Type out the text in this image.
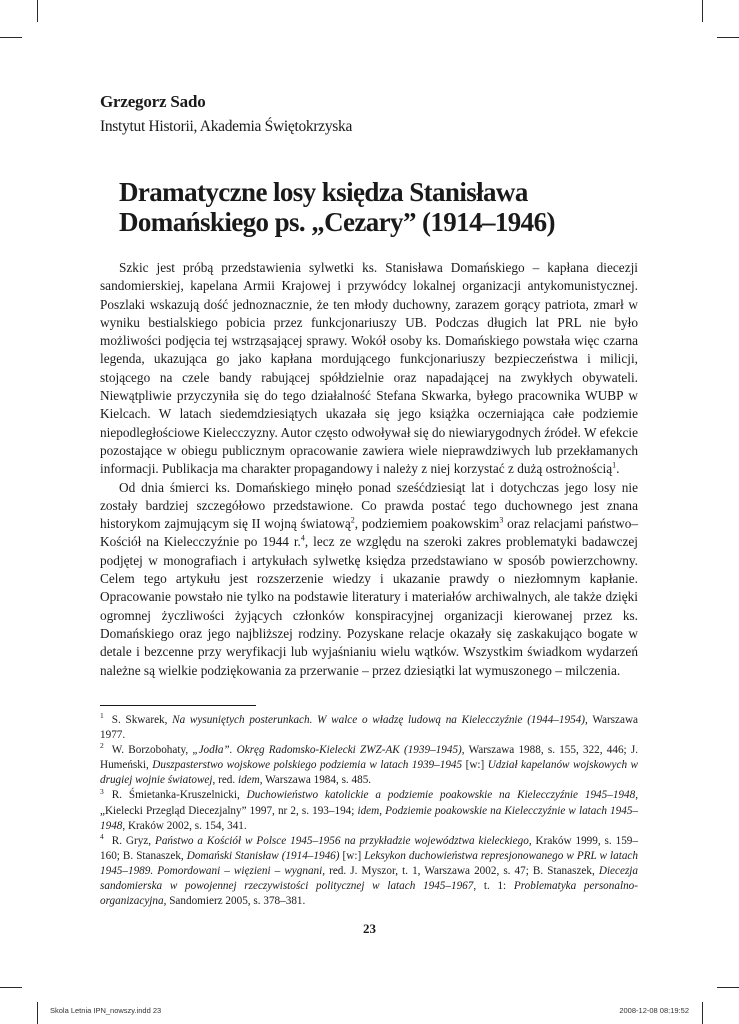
Grzegorz Sado
Instytut Historii, Akademia Świętokrzyska
Dramatyczne losy księdza Stanisława
Domańskiego ps. „Cezary” (1914–1946)

Szkic jest próbą przedstawienia sylwetki ks. Stanisława Domańskiego – kapłana diecezji sandomierskiej, kapelana Armii Krajowej i przywódcy lokalnej organizacji antykomunistycznej. Poszlaki wskazują dość jednoznacznie, że ten młody duchowny, zarazem gorący patriota, zmarł w wyniku bestialskiego pobicia przez funkcjonariuszy UB. Podczas długich lat PRL nie było możliwości podjęcia tej wstrząsającej sprawy. Wokół osoby ks. Domańskiego powstała więc czarna legenda, ukazująca go jako kapłana mordującego funkcjonariuszy bezpieczeństwa i milicji, stojącego na czele bandy rabującej spółdzielnie oraz napadającej na zwykłych obywateli. Niewątpliwie przyczyniła się do tego działalność Stefana Skwarka, byłego pracownika WUBP w Kielcach. W latach siedemdziesiątych ukazała się jego książka oczerniająca całe podziemie niepodległościowe Kielecczyzny. Autor często odwoływał się do niewiarygodnych źródeł. W efekcie pozostające w obiegu publicznym opracowanie zawiera wiele nieprawdziwych lub przekłamanych informacji. Publikacja ma charakter propagandowy i należy z niej korzystać z dużą ostrożnością$^1$.

Od dnia śmierci ks. Domańskiego minęło ponad sześćdziesiąt lat i dotychczas jego losy nie zostały bardziej szczegółowo przedstawione. Co prawda postać tego duchownego jest znana historykom zajmującym się II wojną światową$^2$, podziemiem poakowskim$^3$ oraz relacjami państwo–Kościół na Kielecczyźnie po 1944 r.$^4$, lecz ze względu na szeroki zakres problematyki badawczej podjętej w monografiach i artykułach sylwetkę księdza przedstawiano w sposób powierzchowny. Celem tego artykułu jest rozszerzenie wiedzy i ukazanie prawdy o niezłomnym kapłanie. Opracowanie powstało nie tylko na podstawie literatury i materiałów archiwalnych, ale także dzięki ogromnej życzliwości żyjących członków konspiracyjnej organizacji kierowanej przez ks. Domańskiego oraz jego najbliższej rodziny. Pozyskane relacje okazały się zaskakująco bogate w detale i bezcenne przy weryfikacji lub wyjaśnianiu wielu wątków. Wszystkim świadkom wydarzeń należne są wielkie podziękowania za przerwanie – przez dziesiątki lat wymuszonego – milczenia.

$^1$ S. Skwarek, Na wysuniętych posterunkach. W walce o władzę ludową na Kielecczyźnie (1944–1954), Warszawa 1977.

$^2$ W. Borzobohaty, „Jodła”. Okręg Radomsko-Kielecki ZWZ-AK (1939–1945), Warszawa 1988, s. 155, 322, 446; J. Humeński, Duszpasterstwo wojskowe polskiego podziemia w latach 1939–1945 [w:] Udział kapelanów wojskowych w drugiej wojnie światowej, red. idem, Warszawa 1984, s. 485.

$^3$ R. Śmietanka-Kruszelnicki, Duchowieństwo katolickie a podziemie poakowskie na Kielecczyźnie 1945–1948, „Kielecki Przegląd Diecezjalny” 1997, nr 2, s. 193–194; idem, Podziemie poakowskie na Kielecczyźnie w latach 1945–1948, Kraków 2002, s. 154, 341.

$^4$ R. Gryz, Państwo a Kościół w Polsce 1945–1956 na przykładzie województwa kieleckiego, Kraków 1999, s. 159–160; B. Stanaszek, Domański Stanisław (1914–1946) [w:] Leksykon duchowieństwa represjonowanego w PRL w latach 1945–1989. Pomordowani – więzieni – wygnani, red. J. Myszor, t. 1, Warszawa 2002, s. 47; B. Stanaszek, Diecezja sandomierska w powojennej rzeczywistości politycznej w latach 1945–1967, t. 1: Problematyka personalno-organizacyjna, Sandomierz 2005, s. 378–381.

23
Skola Letnia IPN_nowszy.indd 23	2008-12-08 08:19:52
